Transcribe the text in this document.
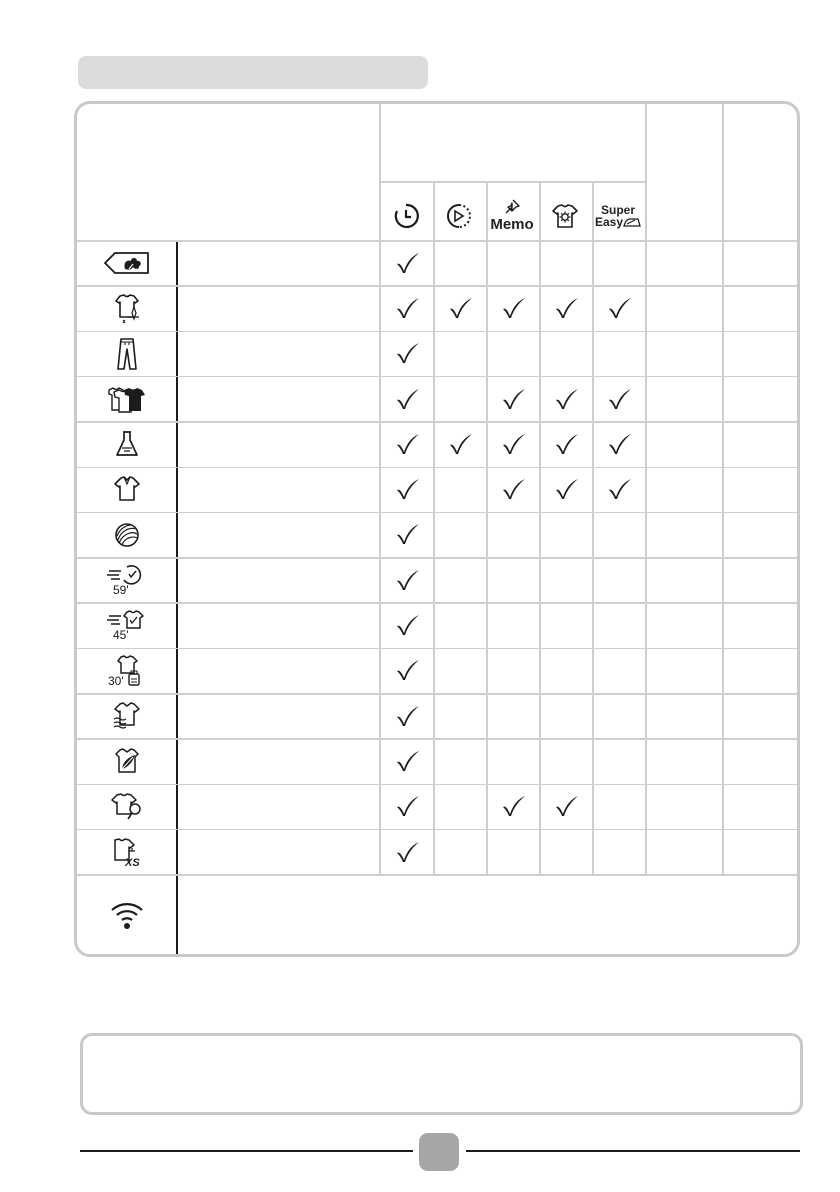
Memo
Super
Easy
59'
45'
30'
XS
